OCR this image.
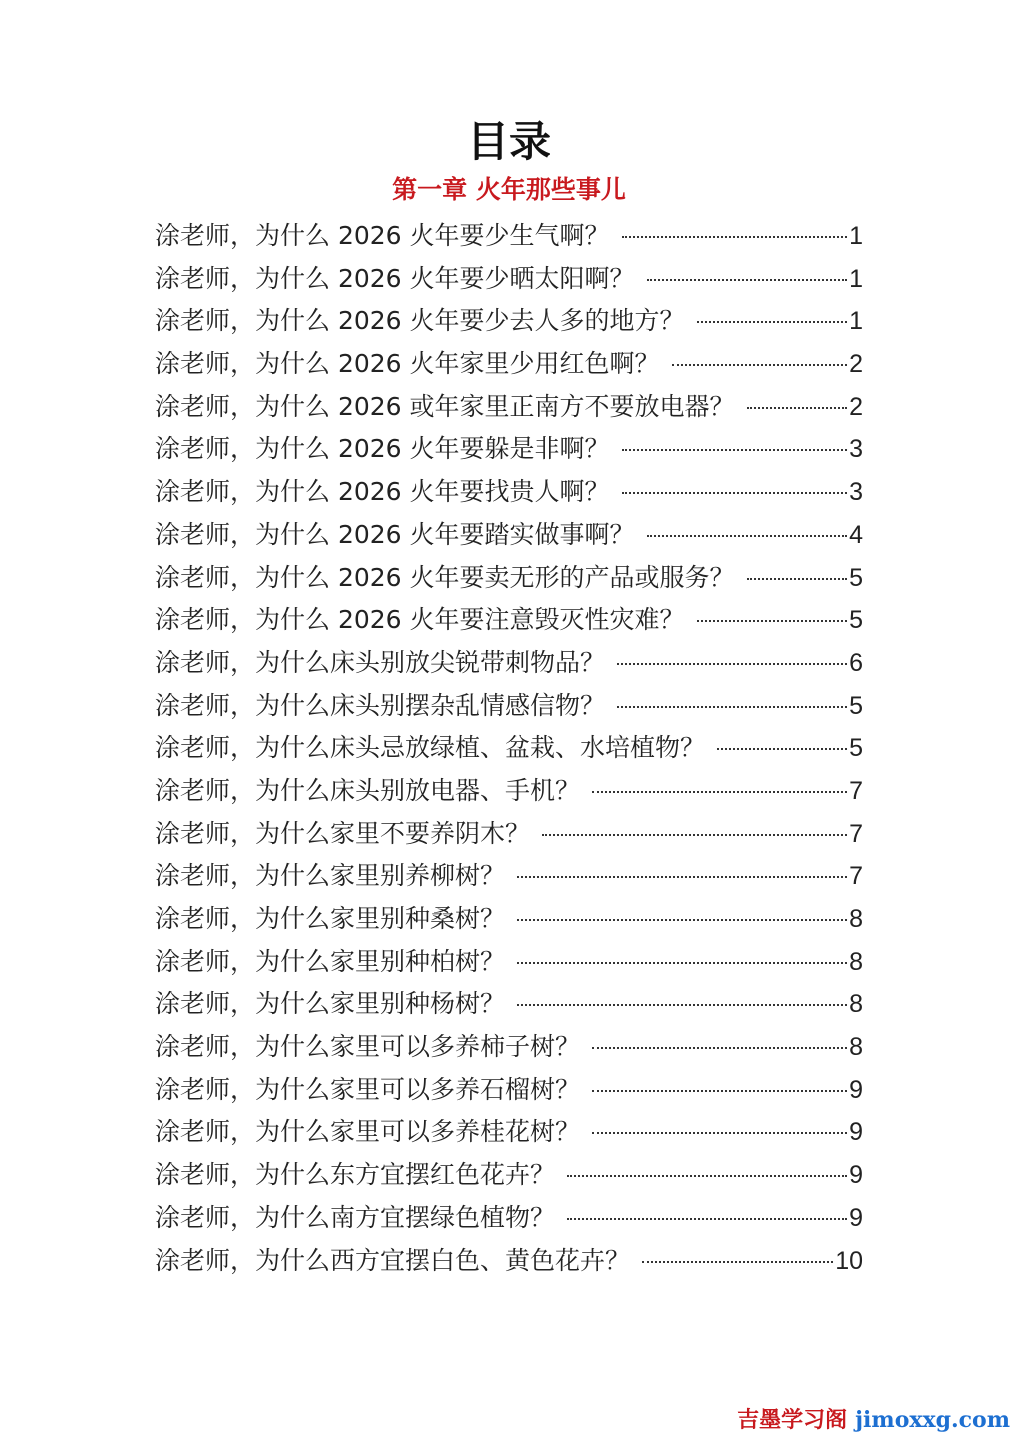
目录
第一章 火年那些事儿
涂老师，为什么 2026 火年要少生气啊？	1
涂老师，为什么 2026 火年要少晒太阳啊？	1
涂老师，为什么 2026 火年要少去人多的地方？	1
涂老师，为什么 2026 火年家里少用红色啊？	2
涂老师，为什么 2026 或年家里正南方不要放电器？	2
涂老师，为什么 2026 火年要躲是非啊？	3
涂老师，为什么 2026 火年要找贵人啊？	3
涂老师，为什么 2026 火年要踏实做事啊？	4
涂老师，为什么 2026 火年要卖无形的产品或服务？	5
涂老师，为什么 2026 火年要注意毁灭性灾难？	5
涂老师，为什么床头别放尖锐带刺物品？	6
涂老师，为什么床头别摆杂乱情感信物？	5
涂老师，为什么床头忌放绿植、盆栽、水培植物？	5
涂老师，为什么床头别放电器、手机？	7
涂老师，为什么家里不要养阴木？	7
涂老师，为什么家里别养柳树？	7
涂老师，为什么家里别种桑树？	8
涂老师，为什么家里别种柏树？	8
涂老师，为什么家里别种杨树？	8
涂老师，为什么家里可以多养柿子树？	8
涂老师，为什么家里可以多养石榴树？	9
涂老师，为什么家里可以多养桂花树？	9
涂老师，为什么东方宜摆红色花卉？	9
涂老师，为什么南方宜摆绿色植物？	9
涂老师，为什么西方宜摆白色、黄色花卉？	10
吉墨学习阁 jimoxxg.com
